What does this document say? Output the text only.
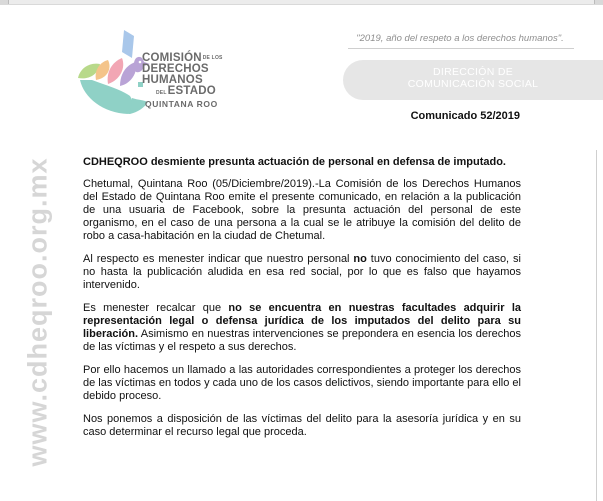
www.cdheqroo.org.mx
$COMISIÓN^{DE LOS}$
DERECHOS
HUMANOS
DELESTADO
QUINTANA ROO
"2019, año del respeto a los derechos humanos".
DIRECCIÓN DE
COMUNICACIÓN SOCIAL
Comunicado 52/2019

CDHEQROO desmiente presunta actuación de personal en defensa de imputado.

Chetumal, Quintana Roo (05/Diciembre/2019).-La Comisión de los Derechos Humanos del Estado de Quintana Roo emite el presente comunicado, en relación a la publicación de una usuaria de Facebook, sobre la presunta actuación del personal de este organismo, en el caso de una persona a la cual se le atribuye la comisión del delito de robo a casa-habitación en la ciudad de Chetumal.

Al respecto es menester indicar que nuestro personal no tuvo conocimiento del caso, si no hasta la publicación aludida en esa red social, por lo que es falso que hayamos intervenido.

Es menester recalcar que no se encuentra en nuestras facultades adquirir la representación legal o defensa jurídica de los imputados del delito para su liberación. Asimismo en nuestras intervenciones se prepondera en esencia los derechos de las víctimas y el respeto a sus derechos.

Por ello hacemos un llamado a las autoridades correspondientes a proteger los derechos de las víctimas en todos y cada uno de los casos delictivos, siendo importante para ello el debido proceso.

Nos ponemos a disposición de las víctimas del delito para la asesoría jurídica y en su caso determinar el recurso legal que proceda.
